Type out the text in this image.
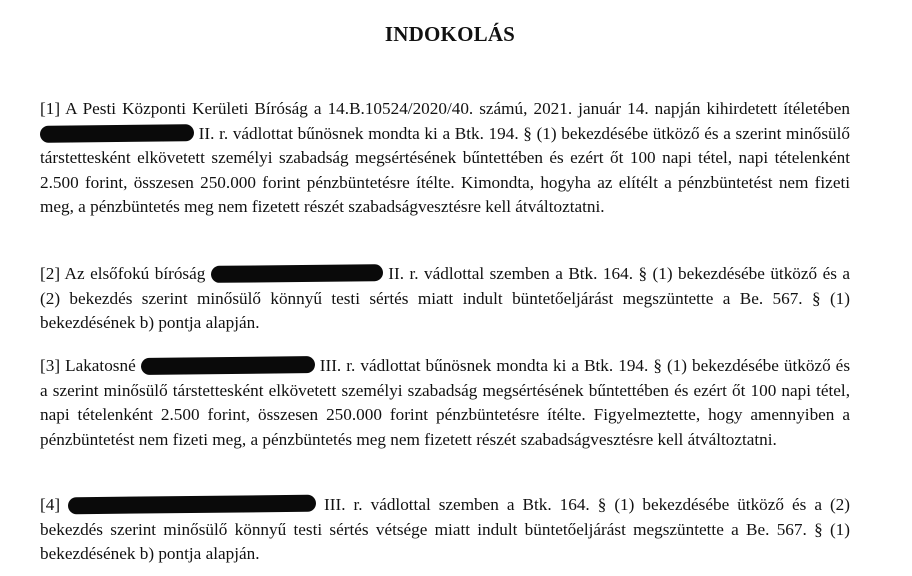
INDOKOLÁS
[1] A Pesti Központi Kerületi Bíróság a 14.B.10524/2020/40. számú, 2021. január 14. napján kihirdetett ítéletében  II. r. vádlottat bűnösnek mondta ki a Btk. 194. § (1) bekezdésébe ütköző és a szerint minősülő társtettesként elkövetett személyi szabadság megsértésének bűntettében és ezért őt 100 napi tétel, napi tételenként 2.500 forint, összesen 250.000 forint pénzbüntetésre ítélte. Kimondta, hogyha az elítélt a pénzbüntetést nem fizeti meg, a pénzbüntetés meg nem fizetett részét szabadságvesztésre kell átváltoztatni.
[2] Az elsőfokú bíróság	II. r. vádlottal szemben a Btk. 164. § (1) bekezdésébe ütköző és a (2) bekezdés szerint minősülő könnyű testi sértés miatt indult büntetőeljárást megszüntette a Be. 567. § (1) bekezdésének b) pontja alapján.
[3] Lakatosné	III. r. vádlottat bűnösnek mondta ki a Btk. 194. § (1) bekezdésébe ütköző és a szerint minősülő társtettesként elkövetett személyi szabadság megsértésének bűntettében és ezért őt 100 napi tétel, napi tételenként 2.500 forint, összesen 250.000 forint pénzbüntetésre ítélte. Figyelmeztette, hogy amennyiben a pénzbüntetést nem fizeti meg, a pénzbüntetés meg nem fizetett részét szabadságvesztésre kell átváltoztatni.
[4]	III. r. vádlottal szemben a Btk. 164. § (1) bekezdésébe ütköző és a (2) bekezdés szerint minősülő könnyű testi sértés vétsége miatt indult büntetőeljárást megszüntette a Be. 567. § (1) bekezdésének b) pontja alapján.
